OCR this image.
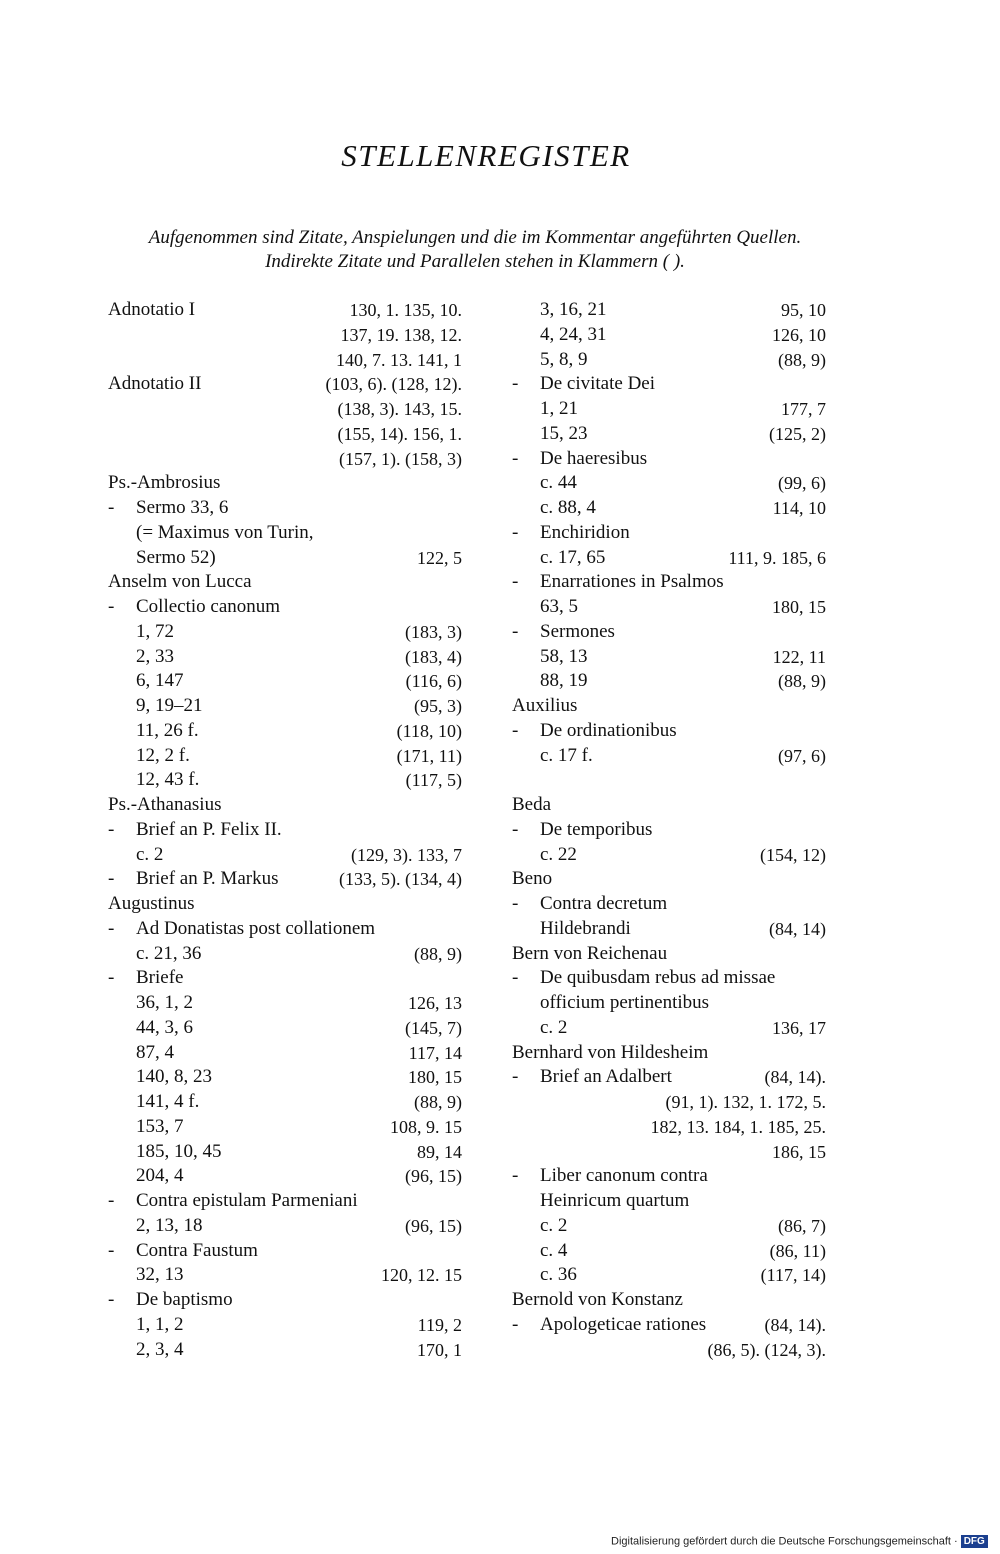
STELLENREGISTER
Aufgenommen sind Zitate, Anspielungen und die im Kommentar angeführten Quellen.
Indirekte Zitate und Parallelen stehen in Klammern ( ).
Adnotatio I	130, 1. 135, 10.
137, 19. 138, 12.
140, 7. 13. 141, 1
Adnotatio II	(103, 6). (128, 12).
(138, 3). 143, 15.
(155, 14). 156, 1.
(157, 1). (158, 3)
Ps.-Ambrosius
- Sermo 33, 6
(= Maximus von Turin,
Sermo 52)	122, 5
Anselm von Lucca
- Collectio canonum
1, 72	(183, 3)
2, 33	(183, 4)
6, 147	(116, 6)
9, 19–21	(95, 3)
11, 26 f.	(118, 10)
12, 2 f.	(171, 11)
12, 43 f.	(117, 5)
Ps.-Athanasius
- Brief an P. Felix II.
c. 2	(129, 3). 133, 7
- Brief an P. Markus	(133, 5). (134, 4)
Augustinus
- Ad Donatistas post collationem
c. 21, 36	(88, 9)
- Briefe
36, 1, 2	126, 13
44, 3, 6	(145, 7)
87, 4	117, 14
140, 8, 23	180, 15
141, 4 f.	(88, 9)
153, 7	108, 9. 15
185, 10, 45	89, 14
204, 4	(96, 15)
- Contra epistulam Parmeniani
2, 13, 18	(96, 15)
- Contra Faustum
32, 13	120, 12. 15
- De baptismo
1, 1, 2	119, 2
2, 3, 4	170, 1
3, 16, 21	95, 10
4, 24, 31	126, 10
5, 8, 9	(88, 9)
- De civitate Dei
1, 21	177, 7
15, 23	(125, 2)
- De haeresibus
c. 44	(99, 6)
c. 88, 4	114, 10
- Enchiridion
c. 17, 65	111, 9. 185, 6
- Enarrationes in Psalmos
63, 5	180, 15
- Sermones
58, 13	122, 11
88, 19	(88, 9)
Auxilius
- De ordinationibus
c. 17 f.	(97, 6)
Beda
- De temporibus
c. 22	(154, 12)
Beno
- Contra decretum
Hildebrandi	(84, 14)
Bern von Reichenau
- De quibusdam rebus ad missae
officium pertinentibus
c. 2	136, 17
Bernhard von Hildesheim
- Brief an Adalbert	(84, 14).
(91, 1). 132, 1. 172, 5.
182, 13. 184, 1. 185, 25.
186, 15
- Liber canonum contra
Heinricum quartum
c. 2	(86, 7)
c. 4	(86, 11)
c. 36	(117, 14)
Bernold von Konstanz
- Apologeticae rationes	(84, 14).
(86, 5). (124, 3).
Digitalisierung gefördert durch die Deutsche Forschungsgemeinschaft · DFG
